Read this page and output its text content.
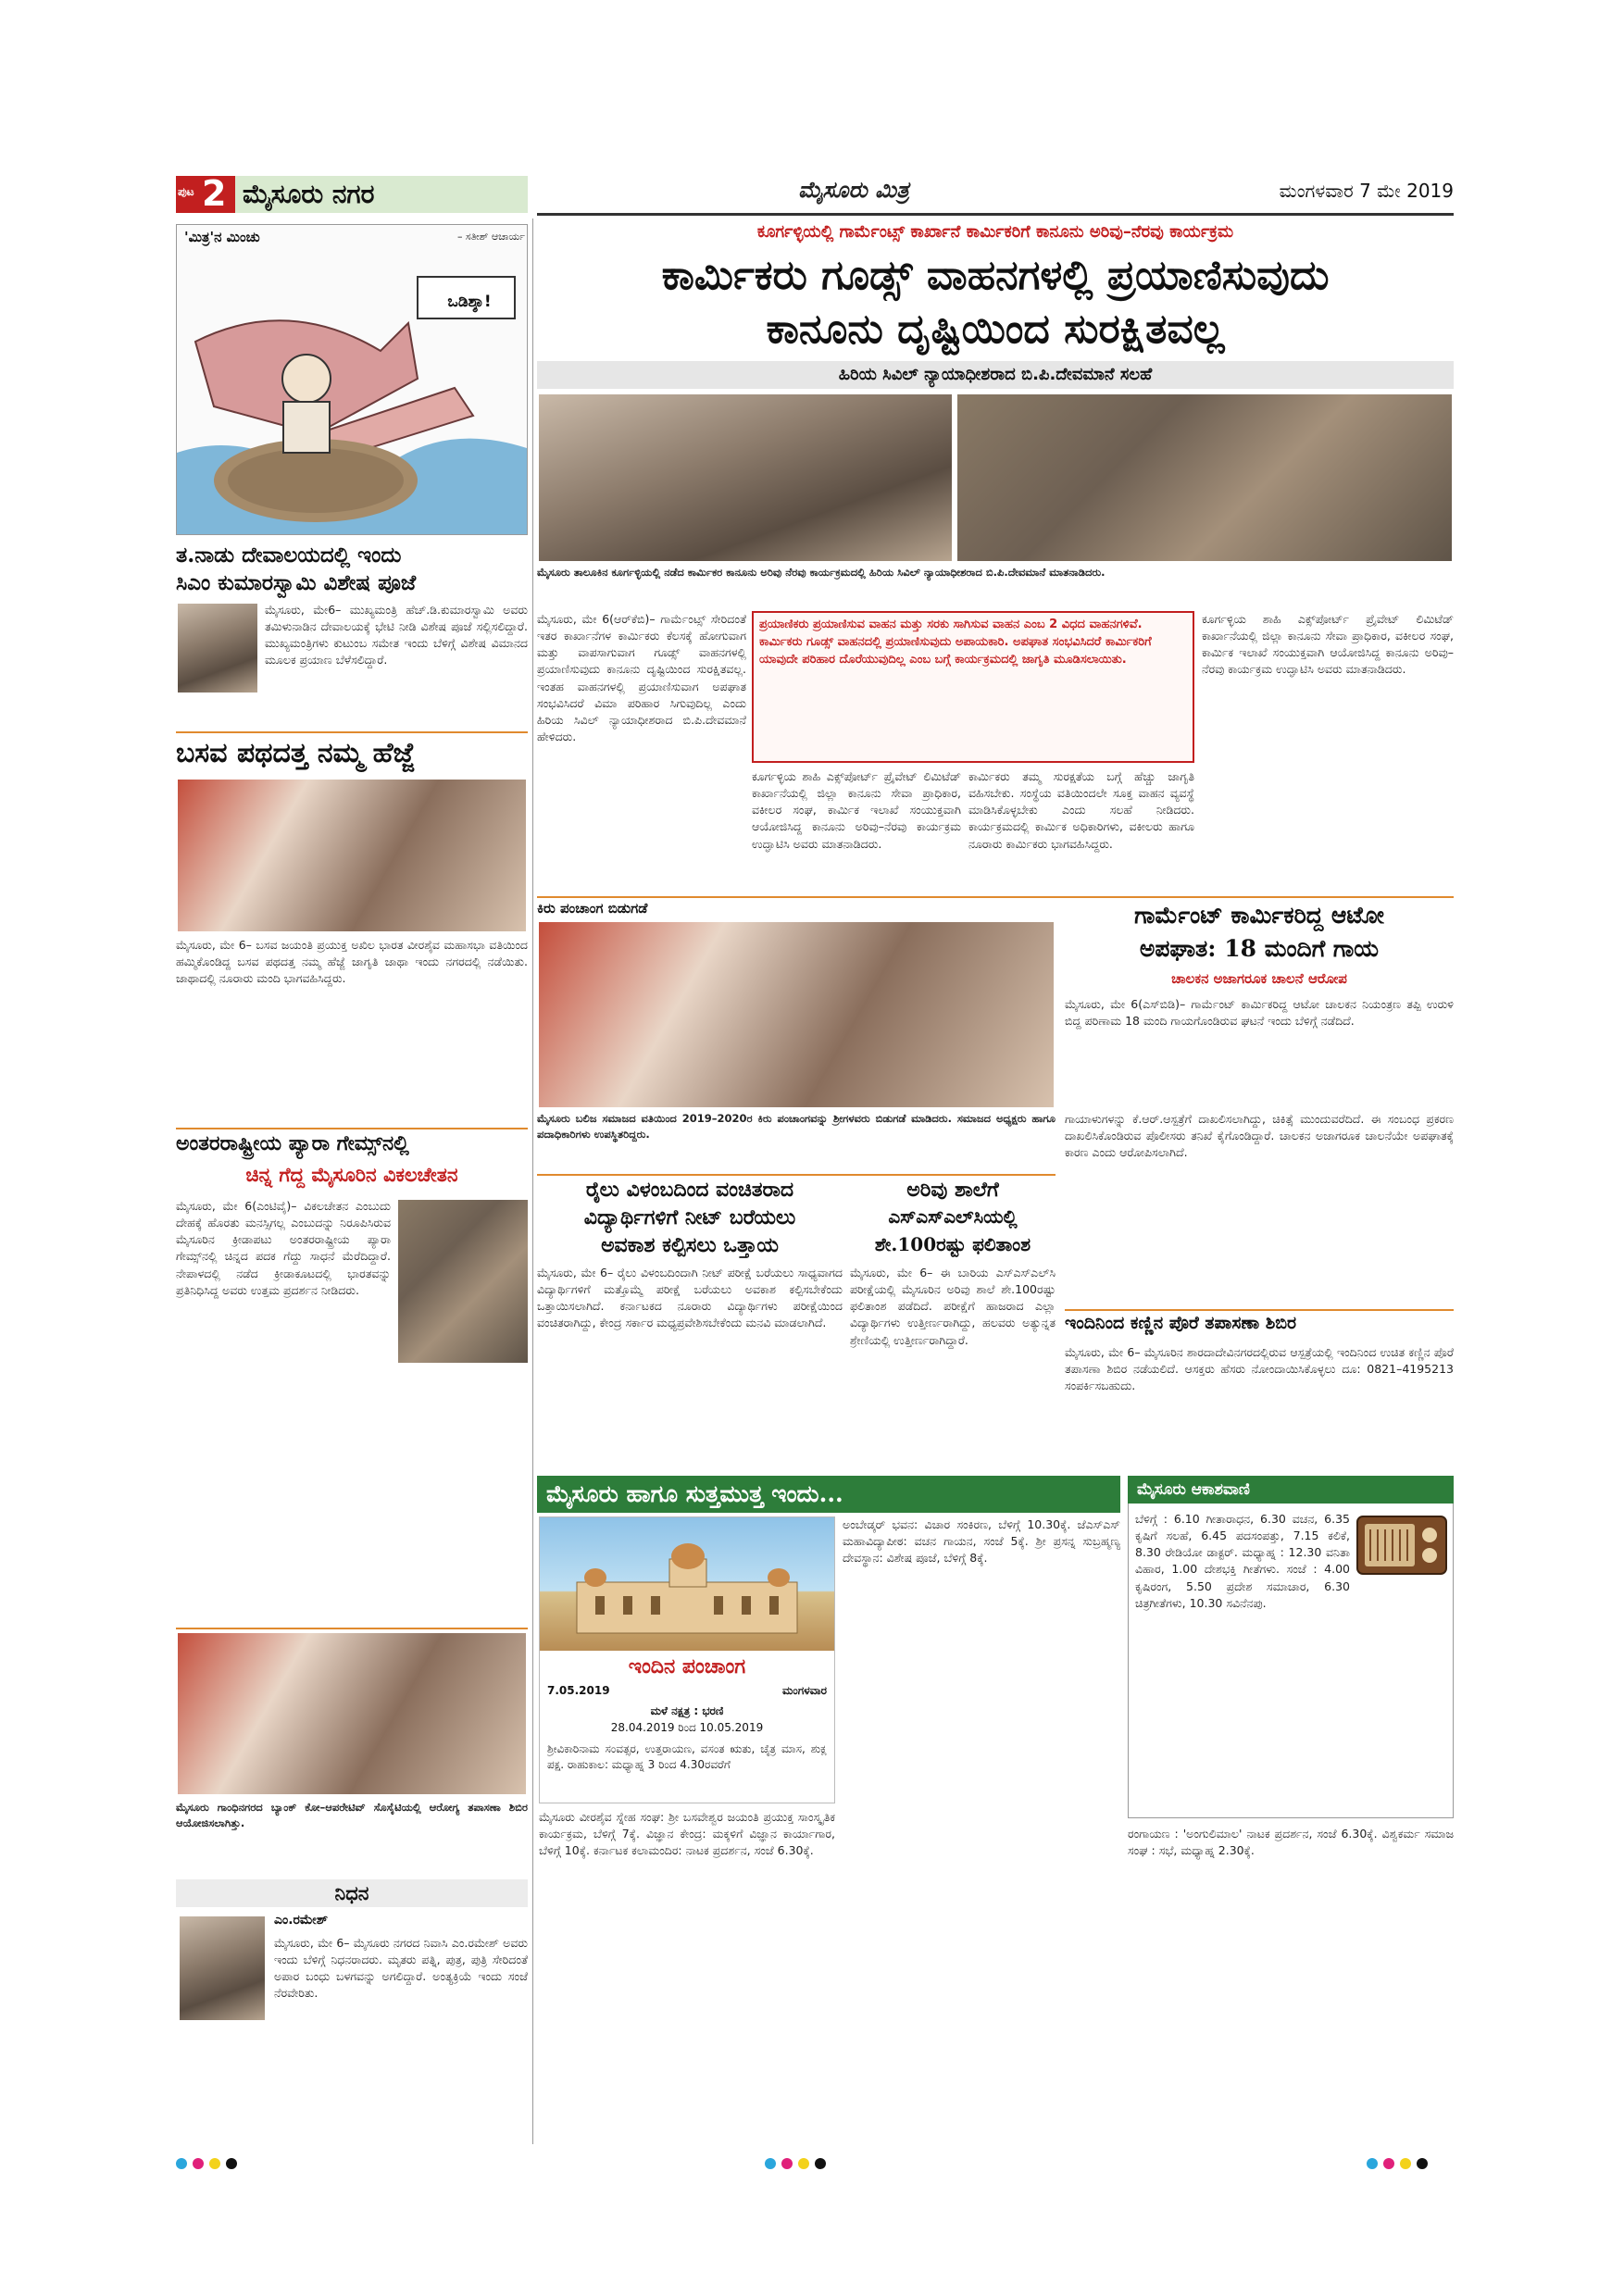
ಪುಟ 2 ಮೈಸೂರು ನಗರ	ಮೈಸೂರು ಮಿತ್ರ	ಮಂಗಳವಾರ 7 ಮೇ 2019
'ಮಿತ್ರ'ನ ಮಿಂಚು	– ಸತೀಶ್ ಆಚಾರ್ಯ
ಒಡಿಶ್ಶಾ!
ತ.ನಾಡು ದೇವಾಲಯದಲ್ಲಿ ಇಂದು
ಸಿಎಂ ಕುಮಾರಸ್ವಾಮಿ ವಿಶೇಷ ಪೂಜೆ
ಮೈಸೂರು, ಮೇ6– ಮುಖ್ಯಮಂತ್ರಿ ಹೆಚ್.ಡಿ.ಕುಮಾರಸ್ವಾಮಿ ಅವರು ತಮಿಳುನಾಡಿನ ದೇವಾಲಯಕ್ಕೆ ಭೇಟಿ ನೀಡಿ ವಿಶೇಷ ಪೂಜೆ ಸಲ್ಲಿಸಲಿದ್ದಾರೆ. ಮುಖ್ಯಮಂತ್ರಿಗಳು ಕುಟುಂಬ ಸಮೇತ ಇಂದು ಬೆಳಿಗ್ಗೆ ವಿಶೇಷ ವಿಮಾನದ ಮೂಲಕ ಪ್ರಯಾಣ ಬೆಳೆಸಲಿದ್ದಾರೆ.
ಬಸವ ಪಥದತ್ತ ನಮ್ಮ ಹೆಜ್ಜೆ
ಮೈಸೂರು, ಮೇ 6– ಬಸವ ಜಯಂತಿ ಪ್ರಯುಕ್ತ ಅಖಿಲ ಭಾರತ ವೀರಶೈವ ಮಹಾಸಭಾ ವತಿಯಿಂದ ಹಮ್ಮಿಕೊಂಡಿದ್ದ ಬಸವ ಪಥದತ್ತ ನಮ್ಮ ಹೆಜ್ಜೆ ಜಾಗೃತಿ ಜಾಥಾ ಇಂದು ನಗರದಲ್ಲಿ ನಡೆಯಿತು. ಜಾಥಾದಲ್ಲಿ ನೂರಾರು ಮಂದಿ ಭಾಗವಹಿಸಿದ್ದರು.
ಅಂತರರಾಷ್ಟ್ರೀಯ ಪ್ಯಾರಾ ಗೇಮ್ಸ್‌ನಲ್ಲಿ
ಚಿನ್ನ ಗೆದ್ದ ಮೈಸೂರಿನ ವಿಕಲಚೇತನ
ಮೈಸೂರು, ಮೇ 6(ಎಂಟಿವೈ)– ವಿಕಲಚೇತನ ಎಂಬುದು ದೇಹಕ್ಕೆ ಹೊರತು ಮನಸ್ಸಿಗಲ್ಲ ಎಂಬುದನ್ನು ನಿರೂಪಿಸಿರುವ ಮೈಸೂರಿನ ಕ್ರೀಡಾಪಟು ಅಂತರರಾಷ್ಟ್ರೀಯ ಪ್ಯಾರಾ ಗೇಮ್ಸ್‌ನಲ್ಲಿ ಚಿನ್ನದ ಪದಕ ಗೆದ್ದು ಸಾಧನೆ ಮೆರೆದಿದ್ದಾರೆ. ನೇಪಾಳದಲ್ಲಿ ನಡೆದ ಕ್ರೀಡಾಕೂಟದಲ್ಲಿ ಭಾರತವನ್ನು ಪ್ರತಿನಿಧಿಸಿದ್ದ ಅವರು ಉತ್ತಮ ಪ್ರದರ್ಶನ ನೀಡಿದರು.
ಮೈಸೂರು ಗಾಂಧಿನಗರದ ಬ್ಯಾಂಕ್ ಕೋ–ಆಪರೇಟಿವ್ ಸೊಸೈಟಿಯಲ್ಲಿ ಆರೋಗ್ಯ ತಪಾಸಣಾ ಶಿಬಿರ ಆಯೋಜಿಸಲಾಗಿತ್ತು.
ನಿಧನ
ಎಂ.ರಮೇಶ್
ಮೈಸೂರು, ಮೇ 6– ಮೈಸೂರು ನಗರದ ನಿವಾಸಿ ಎಂ.ರಮೇಶ್ ಅವರು ಇಂದು ಬೆಳಿಗ್ಗೆ ನಿಧನರಾದರು. ಮೃತರು ಪತ್ನಿ, ಪುತ್ರ, ಪುತ್ರಿ ಸೇರಿದಂತೆ ಅಪಾರ ಬಂಧು ಬಳಗವನ್ನು ಅಗಲಿದ್ದಾರೆ. ಅಂತ್ಯಕ್ರಿಯೆ ಇಂದು ಸಂಜೆ ನೆರವೇರಿತು.
ಕೂರ್ಗಳ್ಳಿಯಲ್ಲಿ ಗಾರ್ಮೆಂಟ್ಸ್ ಕಾರ್ಖಾನೆ ಕಾರ್ಮಿಕರಿಗೆ ಕಾನೂನು ಅರಿವು–ನೆರವು ಕಾರ್ಯಕ್ರಮ
ಕಾರ್ಮಿಕರು ಗೂಡ್ಸ್ ವಾಹನಗಳಲ್ಲಿ ಪ್ರಯಾಣಿಸುವುದು
ಕಾನೂನು ದೃಷ್ಟಿಯಿಂದ ಸುರಕ್ಷಿತವಲ್ಲ
ಹಿರಿಯ ಸಿವಿಲ್ ನ್ಯಾಯಾಧೀಶರಾದ ಬಿ.ಪಿ.ದೇವಮಾನೆ ಸಲಹೆ
ಮೈಸೂರು ತಾಲೂಕಿನ ಕೂರ್ಗಳ್ಳಿಯಲ್ಲಿ ನಡೆದ ಕಾರ್ಮಿಕರ ಕಾನೂನು ಅರಿವು ನೆರವು ಕಾರ್ಯಕ್ರಮದಲ್ಲಿ ಹಿರಿಯ ಸಿವಿಲ್ ನ್ಯಾಯಾಧೀಶರಾದ ಬಿ.ಪಿ.ದೇವಮಾನೆ ಮಾತನಾಡಿದರು.
ಮೈಸೂರು, ಮೇ 6(ಆರ್‌ಕೆಬಿ)– ಗಾರ್ಮೆಂಟ್ಸ್ ಸೇರಿದಂತೆ ಇತರ ಕಾರ್ಖಾನೆಗಳ ಕಾರ್ಮಿಕರು ಕೆಲಸಕ್ಕೆ ಹೋಗುವಾಗ ಮತ್ತು ವಾಪಸಾಗುವಾಗ ಗೂಡ್ಸ್ ವಾಹನಗಳಲ್ಲಿ ಪ್ರಯಾಣಿಸುವುದು ಕಾನೂನು ದೃಷ್ಟಿಯಿಂದ ಸುರಕ್ಷಿತವಲ್ಲ. ಇಂತಹ ವಾಹನಗಳಲ್ಲಿ ಪ್ರಯಾಣಿಸುವಾಗ ಅಪಘಾತ ಸಂಭವಿಸಿದರೆ ವಿಮಾ ಪರಿಹಾರ ಸಿಗುವುದಿಲ್ಲ ಎಂದು ಹಿರಿಯ ಸಿವಿಲ್ ನ್ಯಾಯಾಧೀಶರಾದ ಬಿ.ಪಿ.ದೇವಮಾನೆ ಹೇಳಿದರು.
ಪ್ರಯಾಣಿಕರು ಪ್ರಯಾಣಿಸುವ ವಾಹನ ಮತ್ತು ಸರಕು ಸಾಗಿಸುವ ವಾಹನ ಎಂಬ 2 ವಿಧದ ವಾಹನಗಳಿವೆ. ಕಾರ್ಮಿಕರು ಗೂಡ್ಸ್ ವಾಹನದಲ್ಲಿ ಪ್ರಯಾಣಿಸುವುದು ಅಪಾಯಕಾರಿ. ಅಪಘಾತ ಸಂಭವಿಸಿದರೆ ಕಾರ್ಮಿಕರಿಗೆ ಯಾವುದೇ ಪರಿಹಾರ ದೊರೆಯುವುದಿಲ್ಲ ಎಂಬ ಬಗ್ಗೆ ಕಾರ್ಯಕ್ರಮದಲ್ಲಿ ಜಾಗೃತಿ ಮೂಡಿಸಲಾಯಿತು.
ಕೂರ್ಗಳ್ಳಿಯ ಶಾಹಿ ಎಕ್ಸ್‌ಪೋರ್ಟ್ ಪ್ರೈವೇಟ್ ಲಿಮಿಟೆಡ್ ಕಾರ್ಖಾನೆಯಲ್ಲಿ ಜಿಲ್ಲಾ ಕಾನೂನು ಸೇವಾ ಪ್ರಾಧಿಕಾರ, ವಕೀಲರ ಸಂಘ, ಕಾರ್ಮಿಕ ಇಲಾಖೆ ಸಂಯುಕ್ತವಾಗಿ ಆಯೋಜಿಸಿದ್ದ ಕಾನೂನು ಅರಿವು–ನೆರವು ಕಾರ್ಯಕ್ರಮ ಉದ್ಘಾಟಿಸಿ ಅವರು ಮಾತನಾಡಿದರು.
ಕಾರ್ಮಿಕರು ತಮ್ಮ ಸುರಕ್ಷತೆಯ ಬಗ್ಗೆ ಹೆಚ್ಚು ಜಾಗೃತಿ ವಹಿಸಬೇಕು. ಸಂಸ್ಥೆಯ ವತಿಯಿಂದಲೇ ಸೂಕ್ತ ವಾಹನ ವ್ಯವಸ್ಥೆ ಮಾಡಿಸಿಕೊಳ್ಳಬೇಕು ಎಂದು ಸಲಹೆ ನೀಡಿದರು. ಕಾರ್ಯಕ್ರಮದಲ್ಲಿ ಕಾರ್ಮಿಕ ಅಧಿಕಾರಿಗಳು, ವಕೀಲರು ಹಾಗೂ ನೂರಾರು ಕಾರ್ಮಿಕರು ಭಾಗವಹಿಸಿದ್ದರು.
ಕೂರ್ಗಳ್ಳಿಯ ಶಾಹಿ ಎಕ್ಸ್‌ಪೋರ್ಟ್ ಪ್ರೈವೇಟ್ ಲಿಮಿಟೆಡ್ ಕಾರ್ಖಾನೆಯಲ್ಲಿ ಜಿಲ್ಲಾ ಕಾನೂನು ಸೇವಾ ಪ್ರಾಧಿಕಾರ, ವಕೀಲರ ಸಂಘ, ಕಾರ್ಮಿಕ ಇಲಾಖೆ ಸಂಯುಕ್ತವಾಗಿ ಆಯೋಜಿಸಿದ್ದ ಕಾನೂನು ಅರಿವು–ನೆರವು ಕಾರ್ಯಕ್ರಮ ಉದ್ಘಾಟಿಸಿ ಅವರು ಮಾತನಾಡಿದರು.
ಕಿರು ಪಂಚಾಂಗ ಬಿಡುಗಡೆ
ಮೈಸೂರು ಬಲಿಜ ಸಮಾಜದ ವತಿಯಿಂದ 2019–2020ರ ಕಿರು ಪಂಚಾಂಗವನ್ನು ಶ್ರೀಗಳವರು ಬಿಡುಗಡೆ ಮಾಡಿದರು. ಸಮಾಜದ ಅಧ್ಯಕ್ಷರು ಹಾಗೂ ಪದಾಧಿಕಾರಿಗಳು ಉಪಸ್ಥಿತರಿದ್ದರು.
ಗಾರ್ಮೆಂಟ್ ಕಾರ್ಮಿಕರಿದ್ದ ಆಟೋ
ಅಪಘಾತ: 18 ಮಂದಿಗೆ ಗಾಯ
ಚಾಲಕನ ಅಜಾಗರೂಕ ಚಾಲನೆ ಆರೋಪ
ಮೈಸೂರು, ಮೇ 6(ಎಸ್‌ಬಿಡಿ)– ಗಾರ್ಮೆಂಟ್ ಕಾರ್ಮಿಕರಿದ್ದ ಆಟೋ ಚಾಲಕನ ನಿಯಂತ್ರಣ ತಪ್ಪಿ ಉರುಳಿ ಬಿದ್ದ ಪರಿಣಾಮ 18 ಮಂದಿ ಗಾಯಗೊಂಡಿರುವ ಘಟನೆ ಇಂದು ಬೆಳಿಗ್ಗೆ ನಡೆದಿದೆ.
ಗಾಯಾಳುಗಳನ್ನು ಕೆ.ಆರ್.ಆಸ್ಪತ್ರೆಗೆ ದಾಖಲಿಸಲಾಗಿದ್ದು, ಚಿಕಿತ್ಸೆ ಮುಂದುವರೆದಿದೆ. ಈ ಸಂಬಂಧ ಪ್ರಕರಣ ದಾಖಲಿಸಿಕೊಂಡಿರುವ ಪೊಲೀಸರು ತನಿಖೆ ಕೈಗೊಂಡಿದ್ದಾರೆ. ಚಾಲಕನ ಅಜಾಗರೂಕ ಚಾಲನೆಯೇ ಅಪಘಾತಕ್ಕೆ ಕಾರಣ ಎಂದು ಆರೋಪಿಸಲಾಗಿದೆ.
ರೈಲು ವಿಳಂಬದಿಂದ ವಂಚಿತರಾದ
ವಿದ್ಯಾರ್ಥಿಗಳಿಗೆ ನೀಟ್ ಬರೆಯಲು
ಅವಕಾಶ ಕಲ್ಪಿಸಲು ಒತ್ತಾಯ
ಮೈಸೂರು, ಮೇ 6– ರೈಲು ವಿಳಂಬದಿಂದಾಗಿ ನೀಟ್ ಪರೀಕ್ಷೆ ಬರೆಯಲು ಸಾಧ್ಯವಾಗದ ವಿದ್ಯಾರ್ಥಿಗಳಿಗೆ ಮತ್ತೊಮ್ಮೆ ಪರೀಕ್ಷೆ ಬರೆಯಲು ಅವಕಾಶ ಕಲ್ಪಿಸಬೇಕೆಂದು ಒತ್ತಾಯಿಸಲಾಗಿದೆ. ಕರ್ನಾಟಕದ ನೂರಾರು ವಿದ್ಯಾರ್ಥಿಗಳು ಪರೀಕ್ಷೆಯಿಂದ ವಂಚಿತರಾಗಿದ್ದು, ಕೇಂದ್ರ ಸರ್ಕಾರ ಮಧ್ಯಪ್ರವೇಶಿಸಬೇಕೆಂದು ಮನವಿ ಮಾಡಲಾಗಿದೆ.
ಅರಿವು ಶಾಲೆಗೆ
ಎಸ್‌ಎಸ್‌ಎಲ್‌ಸಿಯಲ್ಲಿ
ಶೇ.100ರಷ್ಟು ಫಲಿತಾಂಶ
ಮೈಸೂರು, ಮೇ 6– ಈ ಬಾರಿಯ ಎಸ್‌ಎಸ್‌ಎಲ್‌ಸಿ ಪರೀಕ್ಷೆಯಲ್ಲಿ ಮೈಸೂರಿನ ಅರಿವು ಶಾಲೆ ಶೇ.100ರಷ್ಟು ಫಲಿತಾಂಶ ಪಡೆದಿದೆ. ಪರೀಕ್ಷೆಗೆ ಹಾಜರಾದ ಎಲ್ಲಾ ವಿದ್ಯಾರ್ಥಿಗಳು ಉತ್ತೀರ್ಣರಾಗಿದ್ದು, ಹಲವರು ಅತ್ಯುನ್ನತ ಶ್ರೇಣಿಯಲ್ಲಿ ಉತ್ತೀರ್ಣರಾಗಿದ್ದಾರೆ.
ಇಂದಿನಿಂದ ಕಣ್ಣಿನ ಪೊರೆ ತಪಾಸಣಾ ಶಿಬಿರ
ಮೈಸೂರು, ಮೇ 6– ಮೈಸೂರಿನ ಶಾರದಾದೇವಿನಗರದಲ್ಲಿರುವ ಆಸ್ಪತ್ರೆಯಲ್ಲಿ ಇಂದಿನಿಂದ ಉಚಿತ ಕಣ್ಣಿನ ಪೊರೆ ತಪಾಸಣಾ ಶಿಬಿರ ನಡೆಯಲಿದೆ. ಆಸಕ್ತರು ಹೆಸರು ನೋಂದಾಯಿಸಿಕೊಳ್ಳಲು ದೂ: 0821–4195213 ಸಂಪರ್ಕಿಸಬಹುದು.
ಮೈಸೂರು ಹಾಗೂ ಸುತ್ತಮುತ್ತ ಇಂದು...
ಇಂದಿನ ಪಂಚಾಂಗ
7.05.2019	ಮಂಗಳವಾರ
ಮಳೆ ನಕ್ಷತ್ರ : ಭರಣಿ
28.04.2019 ರಿಂದ 10.05.2019
ಶ್ರೀವಿಕಾರಿನಾಮ ಸಂವತ್ಸರ, ಉತ್ತರಾಯಣ, ವಸಂತ ಋತು, ಚೈತ್ರ ಮಾಸ, ಶುಕ್ಲ ಪಕ್ಷ. ರಾಹುಕಾಲ: ಮಧ್ಯಾಹ್ನ 3 ರಿಂದ 4.30ರವರೆಗೆ
ಮೈಸೂರು ವೀರಶೈವ ಸ್ನೇಹ ಸಂಘ: ಶ್ರೀ ಬಸವೇಶ್ವರ ಜಯಂತಿ ಪ್ರಯುಕ್ತ ಸಾಂಸ್ಕೃತಿಕ ಕಾರ್ಯಕ್ರಮ, ಬೆಳಿಗ್ಗೆ 7ಕ್ಕೆ. ವಿಜ್ಞಾನ ಕೇಂದ್ರ: ಮಕ್ಕಳಿಗೆ ವಿಜ್ಞಾನ ಕಾರ್ಯಾಗಾರ, ಬೆಳಿಗ್ಗೆ 10ಕ್ಕೆ. ಕರ್ನಾಟಕ ಕಲಾಮಂದಿರ: ನಾಟಕ ಪ್ರದರ್ಶನ, ಸಂಜೆ 6.30ಕ್ಕೆ.
ಅಂಬೇಡ್ಕರ್ ಭವನ: ವಿಚಾರ ಸಂಕಿರಣ, ಬೆಳಿಗ್ಗೆ 10.30ಕ್ಕೆ. ಜೆಎಸ್‌ಎಸ್ ಮಹಾವಿದ್ಯಾಪೀಠ: ವಚನ ಗಾಯನ, ಸಂಜೆ 5ಕ್ಕೆ. ಶ್ರೀ ಪ್ರಸನ್ನ ಸುಬ್ರಹ್ಮಣ್ಯ ದೇವಸ್ಥಾನ: ವಿಶೇಷ ಪೂಜೆ, ಬೆಳಿಗ್ಗೆ 8ಕ್ಕೆ.
ಮೈಸೂರು ಆಕಾಶವಾಣಿ
ಬೆಳಿಗ್ಗೆ : 6.10 ಗೀತಾರಾಧನ, 6.30 ವಚನ, 6.35 ಕೃಷಿಗೆ ಸಲಹೆ, 6.45 ಪದಸಂಪತ್ತು, 7.15 ಕಲಿಕೆ, 8.30 ರೇಡಿಯೋ ಡಾಕ್ಟರ್. ಮಧ್ಯಾಹ್ನ : 12.30 ವನಿತಾ ವಿಹಾರ, 1.00 ದೇಶಭಕ್ತಿ ಗೀತೆಗಳು. ಸಂಜೆ : 4.00 ಕೃಷಿರಂಗ, 5.50 ಪ್ರದೇಶ ಸಮಾಚಾರ, 6.30 ಚಿತ್ರಗೀತೆಗಳು, 10.30 ಸವಿನೆನಪು.
ರಂಗಾಯಣ : 'ಅಂಗುಲಿಮಾಲ' ನಾಟಕ ಪ್ರದರ್ಶನ, ಸಂಜೆ 6.30ಕ್ಕೆ. ವಿಶ್ವಕರ್ಮ ಸಮಾಜ ಸಂಘ : ಸಭೆ, ಮಧ್ಯಾಹ್ನ 2.30ಕ್ಕೆ.
